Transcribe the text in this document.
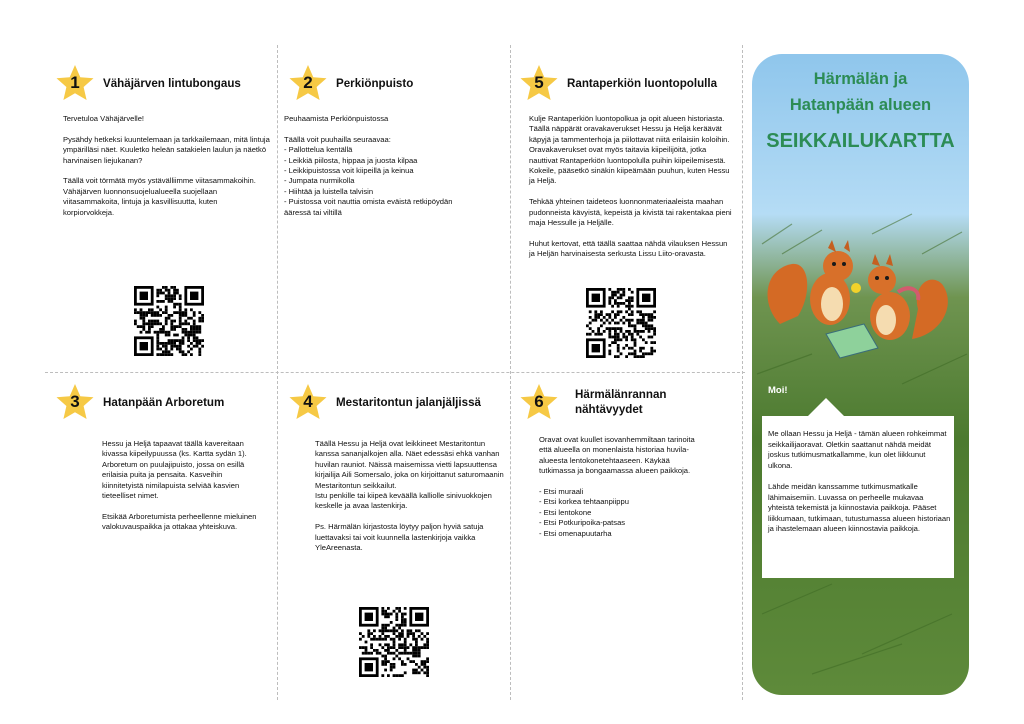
1	Vähäjärven lintubongaus
Tervetuloa Vähäjärvelle!

Pysähdy hetkeksi kuuntelemaan ja tarkkailemaan, mitä lintuja ympärilläsi näet. Kuuletko heleän satakielen laulun ja näetkö harvinaisen liejukanan?

Täällä voit törmätä myös ystävälliimme viitasammakoihin. Vähäjärven luonnonsuojelualueella suojellaan viitasammakoita, lintuja ja kasvillisuutta, kuten korpiorvokkeja.
2	Perkiönpuisto
Peuhaamista Perkiönpuistossa

Täällä voit puuhailla seuraavaa:
- Pallottelua kentällä
- Leikkiä piilosta, hippaa ja juosta kilpaa
- Leikkipuistossa voit kiipeillä ja keinua
- Jumpata nurmikolla
- Hiihtää ja luistella talvisin
- Puistossa voit nauttia omista eväistä retkipöydän
ääressä tai viltillä
5	Rantaperkiön luontopolulla
Kulje Rantaperkiön luontopolkua ja opit alueen historiasta. Täällä näppärät oravakaverukset Hessu ja Heljä keräävät käpyjä ja tammenterhoja ja piilottavat niitä erilaisiin koloihin. Oravakaverukset ovat myös taitavia kiipeilijöitä, jotka nauttivat Rantaperkiön luontopolulla puihin kiipeilemisestä. Kokeile, pääsetkö sinäkin kiipeämään puuhun, kuten Hessu ja Heljä.

Tehkää yhteinen taideteos luonnonmateriaaleista maahan pudonneista kävyistä, kepeistä ja kivistä tai rakentakaa pieni maja Hessulle ja Heljälle.

Huhut kertovat, että täällä saattaa nähdä vilauksen Hessun ja Heljän harvinaisesta serkusta Lissu Liito-oravasta.
3	Hatanpään Arboretum
Hessu ja Heljä tapaavat täällä kavereitaan kivassa kiipeilypuussa (ks. Kartta sydän 1).
Arboretum on puulajipuisto, jossa on esillä erilaisia puita ja pensaita. Kasveihin kiinnitetyistä nimilapuista selviää kasvien tieteelliset nimet.

Etsikää Arboretumista perheellenne mieluinen valokuvauspaikka ja ottakaa yhteiskuva.
4	Mestaritontun jalanjäljissä
Täällä Hessu ja Heljä ovat leikkineet Mestaritontun kanssa sananjalkojen alla. Näet edessäsi ehkä vanhan huvilan rauniot. Näissä maisemissa vietti lapsuuttensa kirjailija Aili Somersalo, joka on kirjoittanut saturomaanin Mestaritontun seikkailut.
Istu penkille tai kiipeä keväällä kalliolle sinivuokkojen keskelle ja avaa lastenkirja.

Ps. Härmälän kirjastosta löytyy paljon hyviä satuja luettavaksi tai voit kuunnella lastenkirjoja vaikka YleAreenasta.
6	Härmälänrannan nähtävyydet
Oravat ovat kuullet isovanhemmiltaan tarinoita että alueella on monenlaista historiaa huvila-alueesta lentokonetehtaaseen. Käykää tutkimassa ja bongaamassa alueen paikkoja.

- Etsi muraali
- Etsi korkea tehtaanpiippu
- Etsi lentokone
- Etsi Potkuripoika-patsas
- Etsi omenapuutarha
Härmälän ja
Hatanpään alueen
SEIKKAILUKARTTA
Moi!
Me ollaan Hessu ja Heljä - tämän alueen rohkeimmat seikkailijaoravat. Oletkin saattanut nähdä meidät joskus tutkimusmatkallamme, kun olet liikkunut ulkona.

Lähde meidän kanssamme tutkimusmatkalle lähimaisemiin. Luvassa on perheelle mukavaa yhteistä tekemistä ja kiinnostavia paikkoja. Pääset liikkumaan, tutkimaan, tutustumassa alueen historiaan ja ihastelemaan alueen kiinnostavia paikkoja.
